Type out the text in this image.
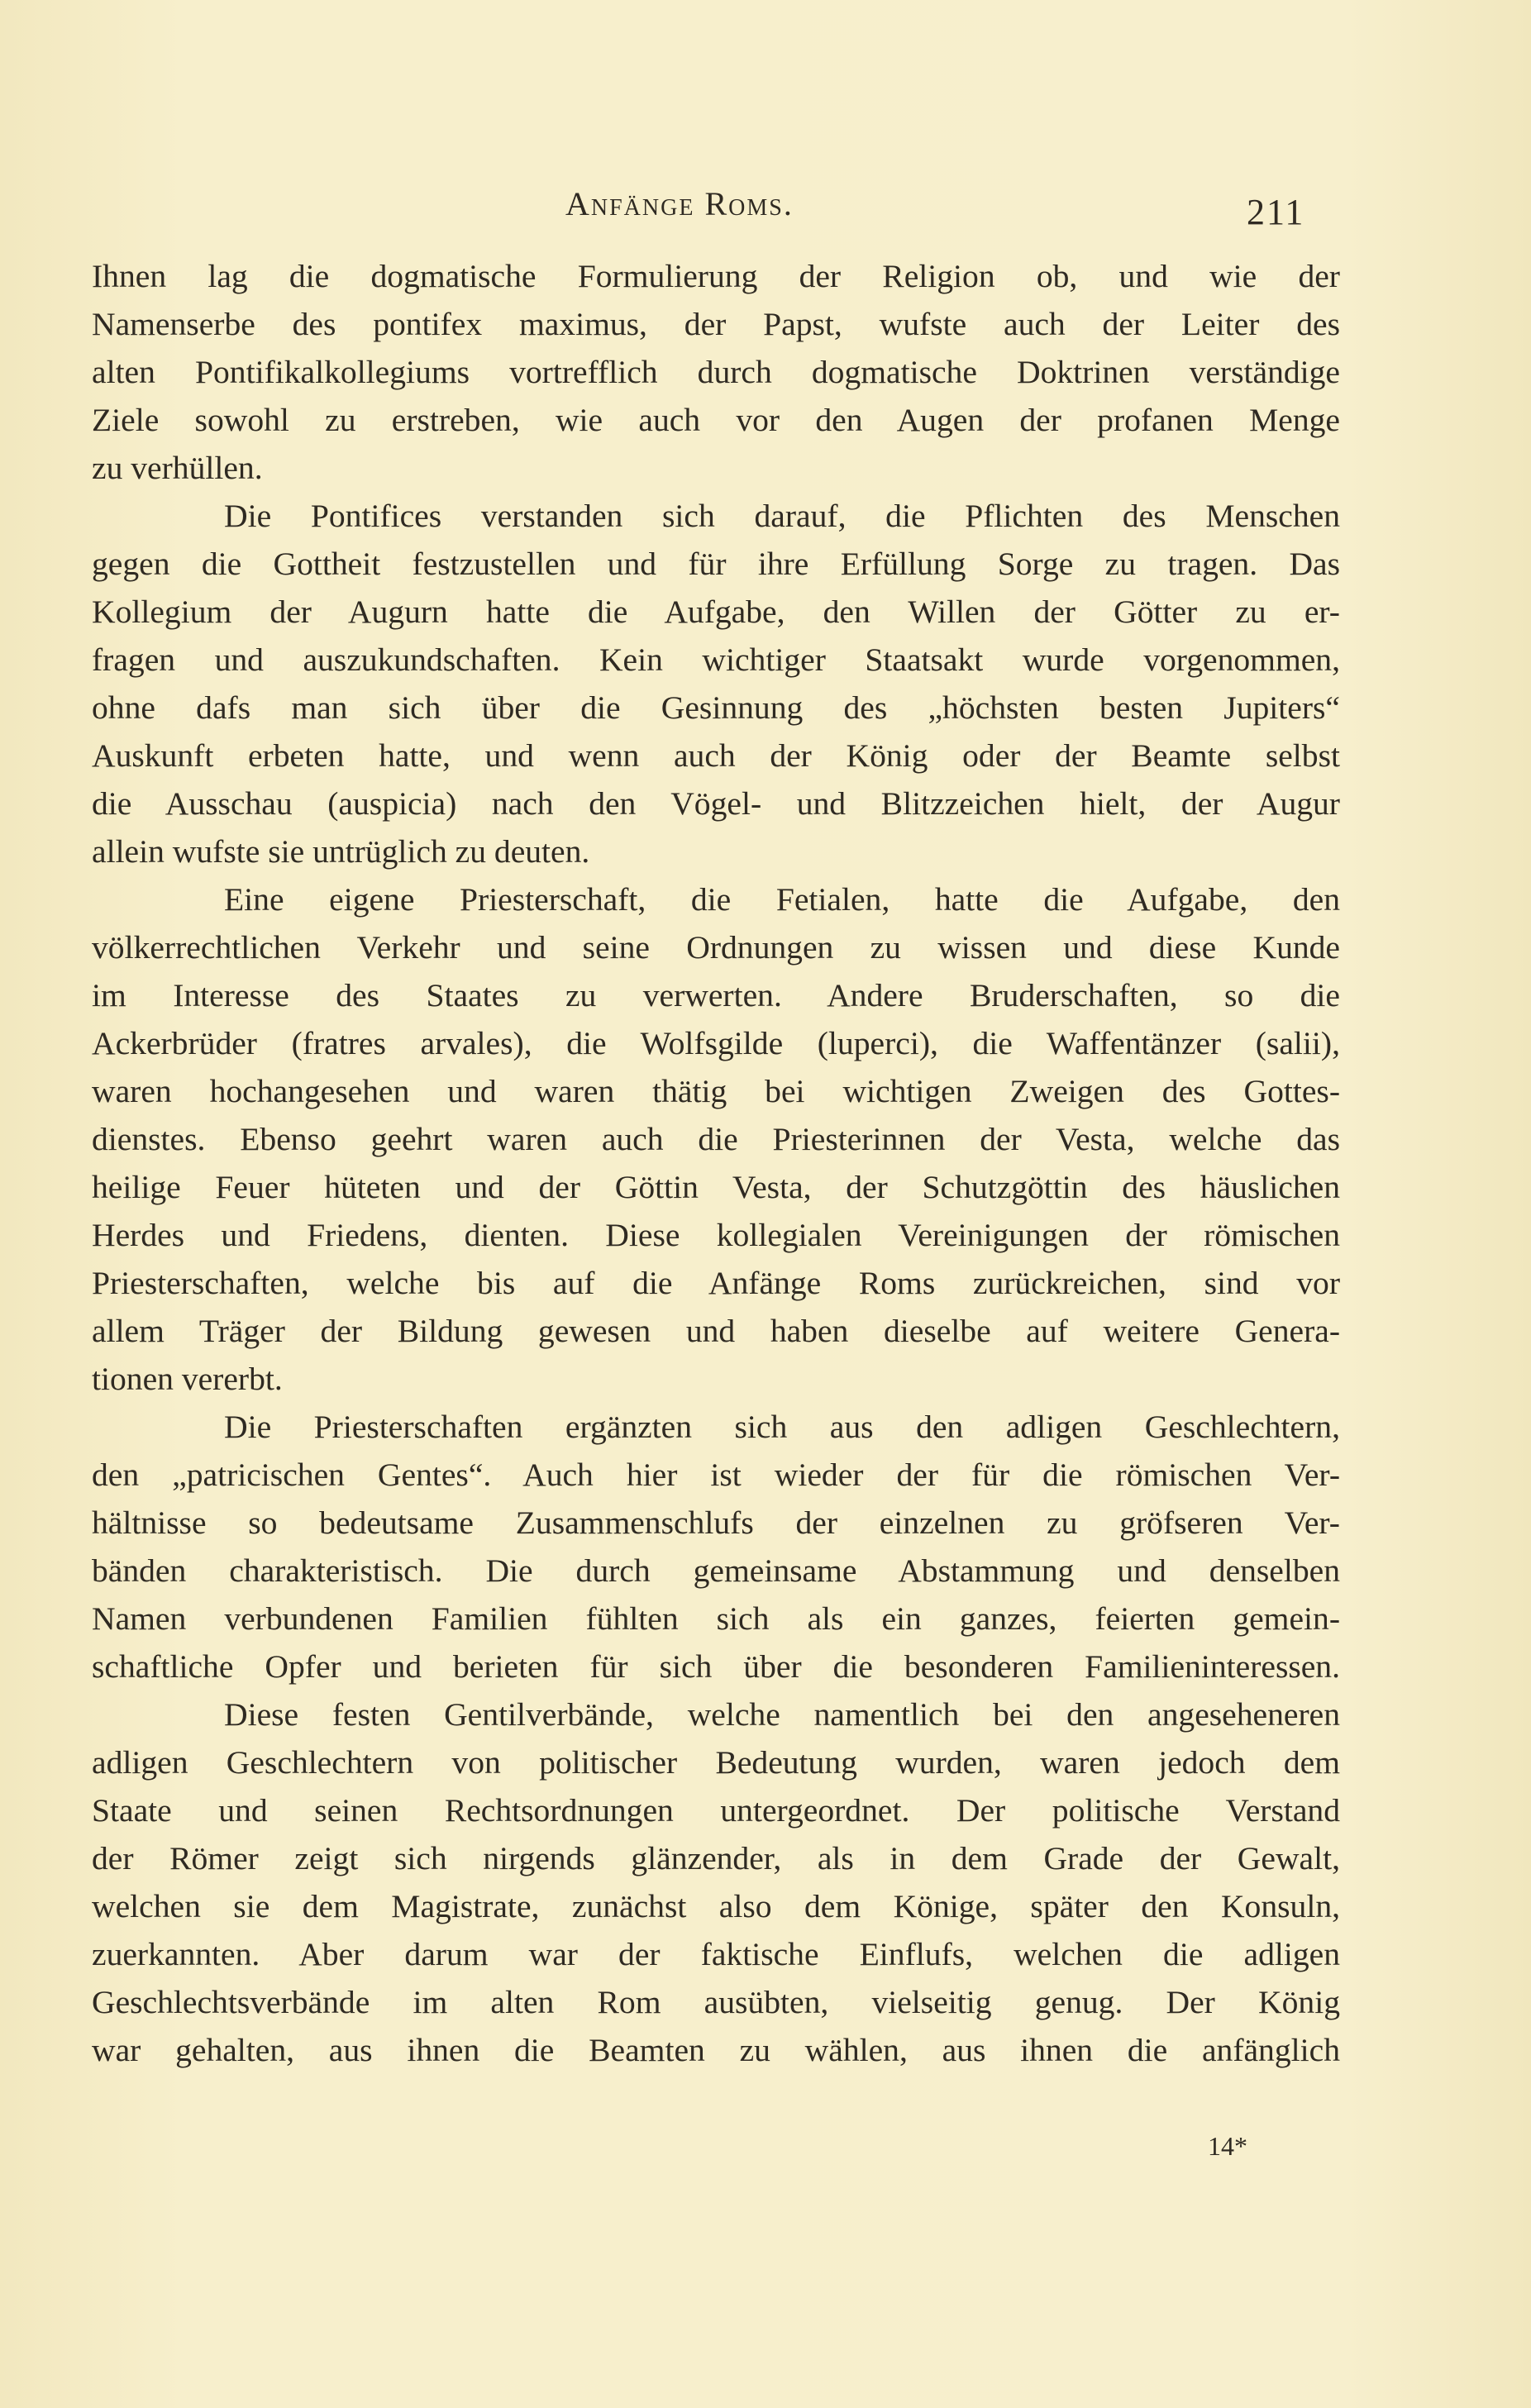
Anfänge Roms.	211
Ihnen lag die dogmatische Formulierung der Religion ob, und wie der
Namenserbe des pontifex maximus, der Papst, wufste auch der Leiter des
alten Pontifikalkollegiums vortrefflich durch dogmatische Doktrinen verständige
Ziele sowohl zu erstreben, wie auch vor den Augen der profanen Menge
zu verhüllen.
Die Pontifices verstanden sich darauf, die Pflichten des Menschen
gegen die Gottheit festzustellen und für ihre Erfüllung Sorge zu tragen. Das
Kollegium der Augurn hatte die Aufgabe, den Willen der Götter zu er-
fragen und auszukundschaften. Kein wichtiger Staatsakt wurde vorgenommen,
ohne dafs man sich über die Gesinnung des „höchsten besten Jupiters“
Auskunft erbeten hatte, und wenn auch der König oder der Beamte selbst
die Ausschau (auspicia) nach den Vögel- und Blitzzeichen hielt, der Augur
allein wufste sie untrüglich zu deuten.
Eine eigene Priesterschaft, die Fetialen, hatte die Aufgabe, den
völkerrechtlichen Verkehr und seine Ordnungen zu wissen und diese Kunde
im Interesse des Staates zu verwerten. Andere Bruderschaften, so die
Ackerbrüder (fratres arvales), die Wolfsgilde (luperci), die Waffentänzer (salii),
waren hochangesehen und waren thätig bei wichtigen Zweigen des Gottes-
dienstes. Ebenso geehrt waren auch die Priesterinnen der Vesta, welche das
heilige Feuer hüteten und der Göttin Vesta, der Schutzgöttin des häuslichen
Herdes und Friedens, dienten. Diese kollegialen Vereinigungen der römischen
Priesterschaften, welche bis auf die Anfänge Roms zurückreichen, sind vor
allem Träger der Bildung gewesen und haben dieselbe auf weitere Genera-
tionen vererbt.
Die Priesterschaften ergänzten sich aus den adligen Geschlechtern,
den „patricischen Gentes“. Auch hier ist wieder der für die römischen Ver-
hältnisse so bedeutsame Zusammenschlufs der einzelnen zu gröfseren Ver-
bänden charakteristisch. Die durch gemeinsame Abstammung und denselben
Namen verbundenen Familien fühlten sich als ein ganzes, feierten gemein-
schaftliche Opfer und berieten für sich über die besonderen Familieninteressen.
Diese festen Gentilverbände, welche namentlich bei den angeseheneren
adligen Geschlechtern von politischer Bedeutung wurden, waren jedoch dem
Staate und seinen Rechtsordnungen untergeordnet. Der politische Verstand
der Römer zeigt sich nirgends glänzender, als in dem Grade der Gewalt,
welchen sie dem Magistrate, zunächst also dem Könige, später den Konsuln,
zuerkannten. Aber darum war der faktische Einflufs, welchen die adligen
Geschlechtsverbände im alten Rom ausübten, vielseitig genug. Der König
war gehalten, aus ihnen die Beamten zu wählen, aus ihnen die anfänglich
14*
